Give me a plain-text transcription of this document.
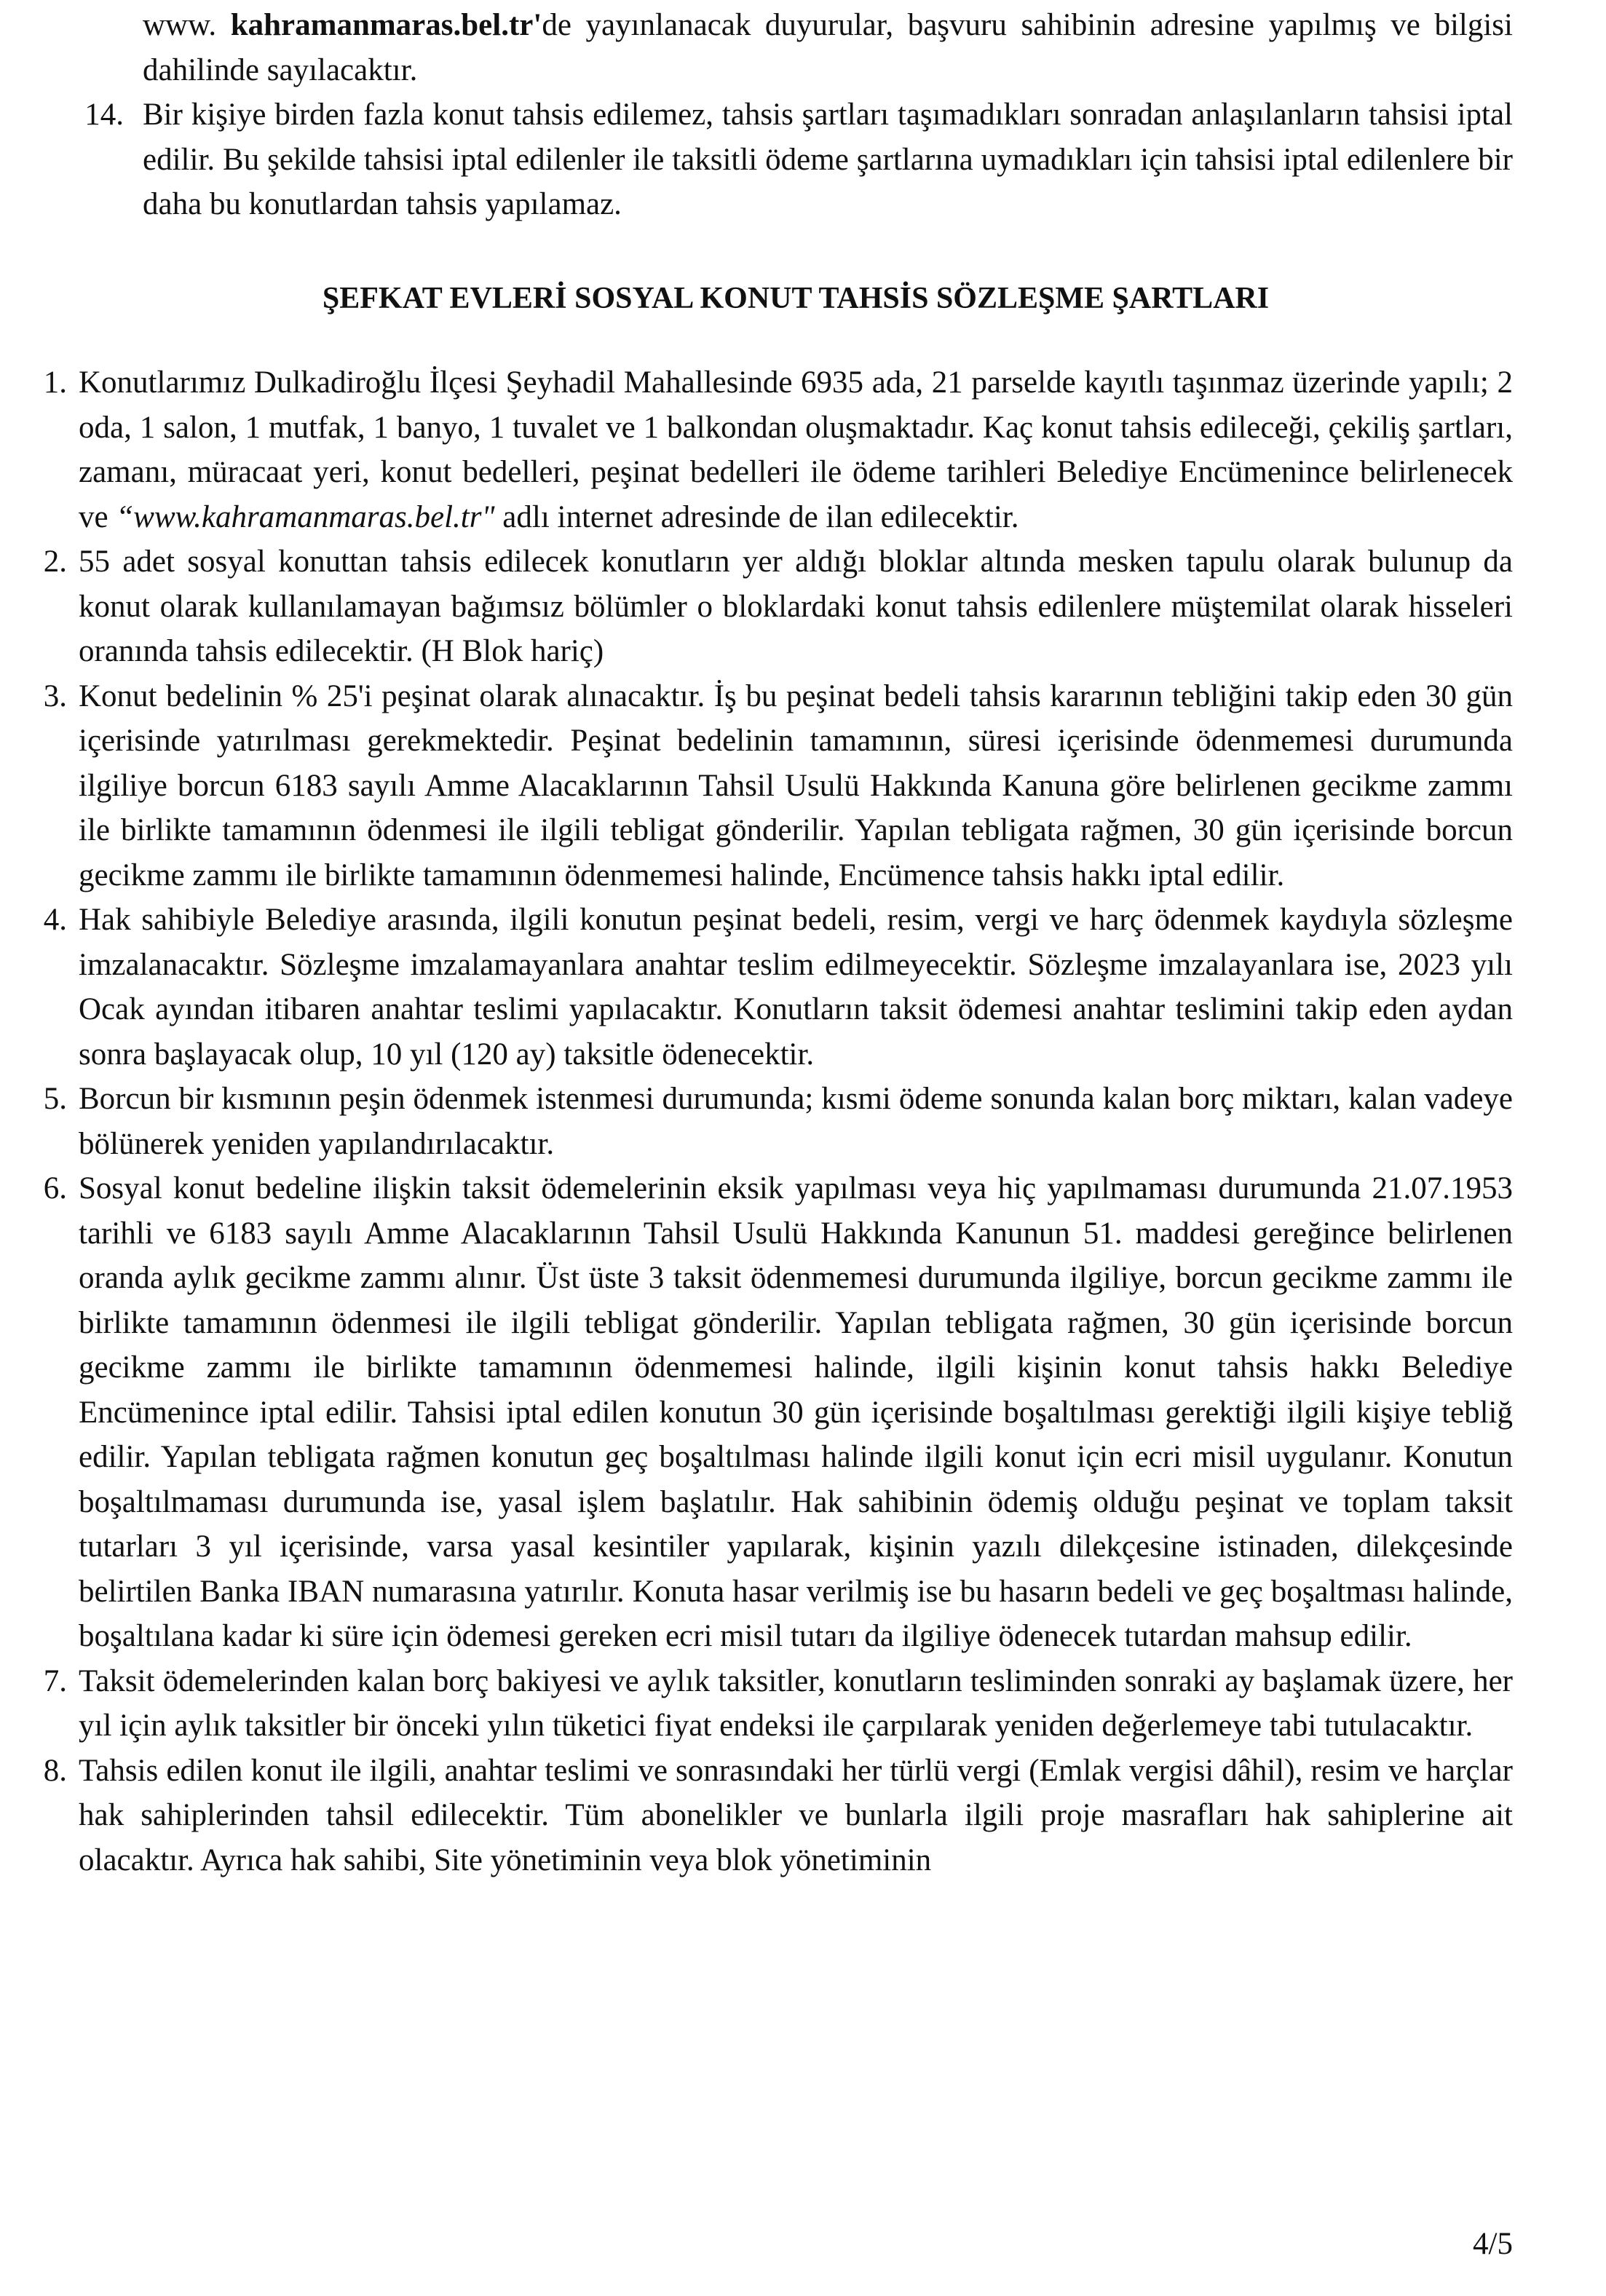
www. kahramanmaras.bel.tr'de yayınlanacak duyurular, başvuru sahibinin adresine yapılmış ve bilgisi dahilinde sayılacaktır.

14. Bir kişiye birden fazla konut tahsis edilemez, tahsis şartları taşımadıkları sonradan anlaşılanların tahsisi iptal edilir. Bu şekilde tahsisi iptal edilenler ile taksitli ödeme şartlarına uymadıkları için tahsisi iptal edilenlere bir daha bu konutlardan tahsis yapılamaz.

ŞEFKAT EVLERİ SOSYAL KONUT TAHSİS SÖZLEŞME ŞARTLARI

1. Konutlarımız Dulkadiroğlu İlçesi Şeyhadil Mahallesinde 6935 ada, 21 parselde kayıtlı taşınmaz üzerinde yapılı; 2 oda, 1 salon, 1 mutfak, 1 banyo, 1 tuvalet ve 1 balkondan oluşmaktadır. Kaç konut tahsis edileceği, çekiliş şartları, zamanı, müracaat yeri, konut bedelleri, peşinat bedelleri ile ödeme tarihleri Belediye Encümenince belirlenecek ve “www.kahramanmaras.bel.tr" adlı internet adresinde de ilan edilecektir.

2. 55 adet sosyal konuttan tahsis edilecek konutların yer aldığı bloklar altında mesken tapulu olarak bulunup da konut olarak kullanılamayan bağımsız bölümler o bloklardaki konut tahsis edilenlere müştemilat olarak hisseleri oranında tahsis edilecektir. (H Blok hariç)

3. Konut bedelinin % 25'i peşinat olarak alınacaktır. İş bu peşinat bedeli tahsis kararının tebliğini takip eden 30 gün içerisinde yatırılması gerekmektedir. Peşinat bedelinin tamamının, süresi içerisinde ödenmemesi durumunda ilgiliye borcun 6183 sayılı Amme Alacaklarının Tahsil Usulü Hakkında Kanuna göre belirlenen gecikme zammı ile birlikte tamamının ödenmesi ile ilgili tebligat gönderilir. Yapılan tebligata rağmen, 30 gün içerisinde borcun gecikme zammı ile birlikte tamamının ödenmemesi halinde, Encümence tahsis hakkı iptal edilir.

4. Hak sahibiyle Belediye arasında, ilgili konutun peşinat bedeli, resim, vergi ve harç ödenmek kaydıyla sözleşme imzalanacaktır. Sözleşme imzalamayanlara anahtar teslim edilmeyecektir. Sözleşme imzalayanlara ise, 2023 yılı Ocak ayından itibaren anahtar teslimi yapılacaktır. Konutların taksit ödemesi anahtar teslimini takip eden aydan sonra başlayacak olup, 10 yıl (120 ay) taksitle ödenecektir.

5. Borcun bir kısmının peşin ödenmek istenmesi durumunda; kısmi ödeme sonunda kalan borç miktarı, kalan vadeye bölünerek yeniden yapılandırılacaktır.

6. Sosyal konut bedeline ilişkin taksit ödemelerinin eksik yapılması veya hiç yapılmaması durumunda 21.07.1953 tarihli ve 6183 sayılı Amme Alacaklarının Tahsil Usulü Hakkında Kanunun 51. maddesi gereğince belirlenen oranda aylık gecikme zammı alınır. Üst üste 3 taksit ödenmemesi durumunda ilgiliye, borcun gecikme zammı ile birlikte tamamının ödenmesi ile ilgili tebligat gönderilir. Yapılan tebligata rağmen, 30 gün içerisinde borcun gecikme zammı ile birlikte tamamının ödenmemesi halinde, ilgili kişinin konut tahsis hakkı Belediye Encümenince iptal edilir. Tahsisi iptal edilen konutun 30 gün içerisinde boşaltılması gerektiği ilgili kişiye tebliğ edilir. Yapılan tebligata rağmen konutun geç boşaltılması halinde ilgili konut için ecri misil uygulanır. Konutun boşaltılmaması durumunda ise, yasal işlem başlatılır. Hak sahibinin ödemiş olduğu peşinat ve toplam taksit tutarları 3 yıl içerisinde, varsa yasal kesintiler yapılarak, kişinin yazılı dilekçesine istinaden, dilekçesinde belirtilen Banka IBAN numarasına yatırılır. Konuta hasar verilmiş ise bu hasarın bedeli ve geç boşaltması halinde, boşaltılana kadar ki süre için ödemesi gereken ecri misil tutarı da ilgiliye ödenecek tutardan mahsup edilir.

7. Taksit ödemelerinden kalan borç bakiyesi ve aylık taksitler, konutların tesliminden sonraki ay başlamak üzere, her yıl için aylık taksitler bir önceki yılın tüketici fiyat endeksi ile çarpılarak yeniden değerlemeye tabi tutulacaktır.

8. Tahsis edilen konut ile ilgili, anahtar teslimi ve sonrasındaki her türlü vergi (Emlak vergisi dâhil), resim ve harçlar hak sahiplerinden tahsil edilecektir. Tüm abonelikler ve bunlarla ilgili proje masrafları hak sahiplerine ait olacaktır. Ayrıca hak sahibi, Site yönetiminin veya blok yönetiminin

4/5
